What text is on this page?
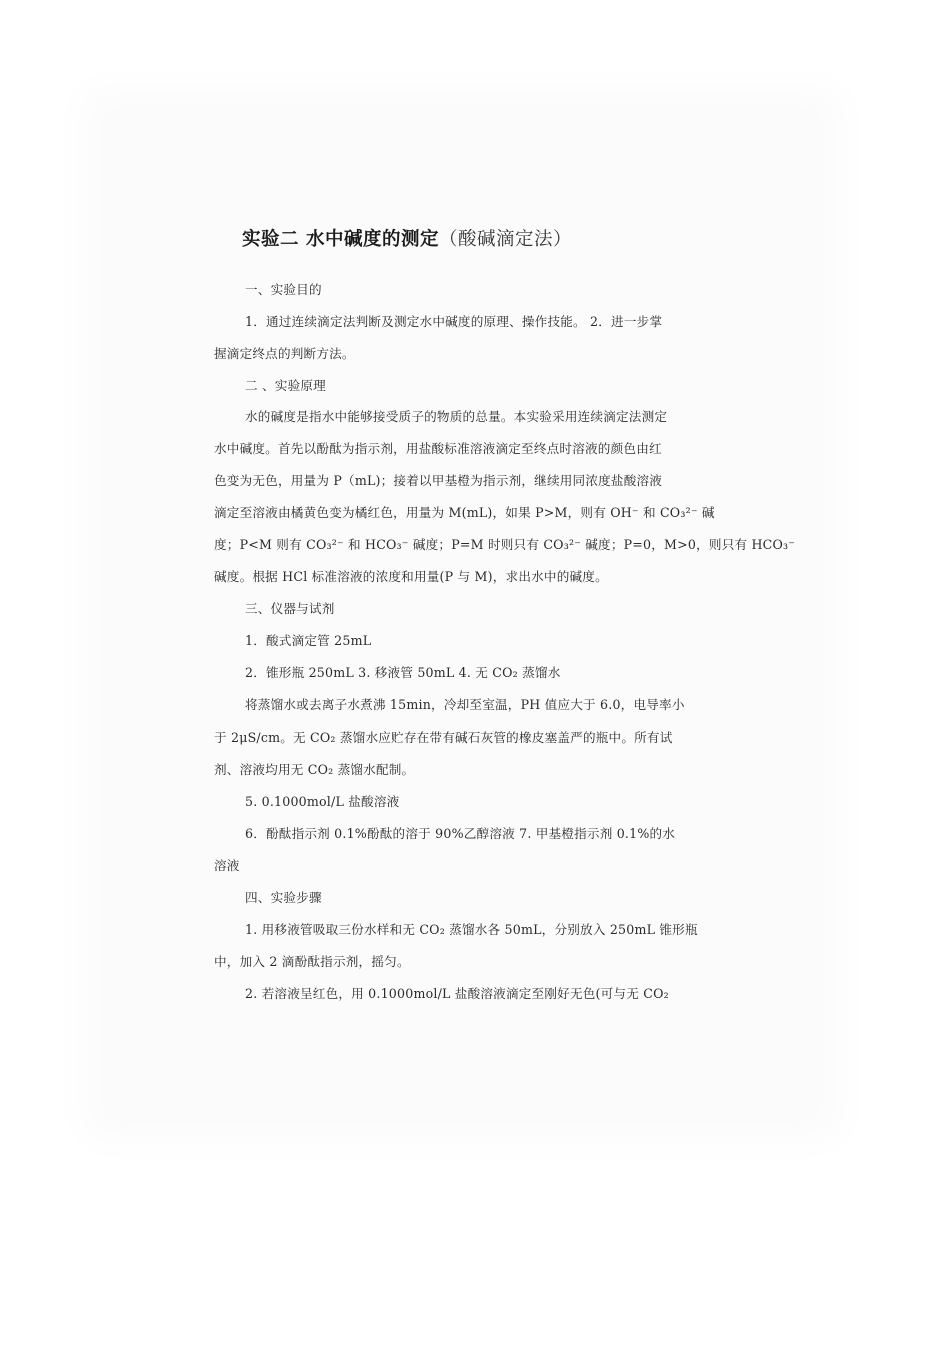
实验二 水中碱度的测定（酸碱滴定法）
一、实验目的
1．通过连续滴定法判断及测定水中碱度的原理、操作技能。 2．进一步掌
握滴定终点的判断方法。
二 、实验原理
水的碱度是指水中能够接受质子的物质的总量。本实验采用连续滴定法测定
水中碱度。首先以酚酞为指示剂，用盐酸标准溶液滴定至终点时溶液的颜色由红
色变为无色，用量为 P（mL)；接着以甲基橙为指示剂，继续用同浓度盐酸溶液
滴定至溶液由橘黄色变为橘红色，用量为 M(mL)，如果 P>M，则有 OH⁻ 和 CO₃²⁻ 碱
度；P<M 则有 CO₃²⁻ 和 HCO₃⁻ 碱度；P=M 时则只有 CO₃²⁻ 碱度；P=0，M>0，则只有 HCO₃⁻
碱度。根据 HCl 标准溶液的浓度和用量(P 与 M)，求出水中的碱度。
三、仪器与试剂
1．酸式滴定管 25mL
2．锥形瓶 250mL 3. 移液管 50mL 4. 无 CO₂ 蒸馏水
将蒸馏水或去离子水煮沸 15min，冷却至室温，PH 值应大于 6.0，电导率小
于 2μS/cm。无 CO₂ 蒸馏水应贮存在带有碱石灰管的橡皮塞盖严的瓶中。所有试
剂、溶液均用无 CO₂ 蒸馏水配制。
5. 0.1000mol/L 盐酸溶液
6．酚酞指示剂 0.1%酚酞的溶于 90%乙醇溶液 7. 甲基橙指示剂 0.1%的水
溶液
四、实验步骤
1. 用移液管吸取三份水样和无 CO₂ 蒸馏水各 50mL，分别放入 250mL 锥形瓶
中，加入 2 滴酚酞指示剂，摇匀。
2. 若溶液呈红色，用 0.1000mol/L 盐酸溶液滴定至刚好无色(可与无 CO₂
